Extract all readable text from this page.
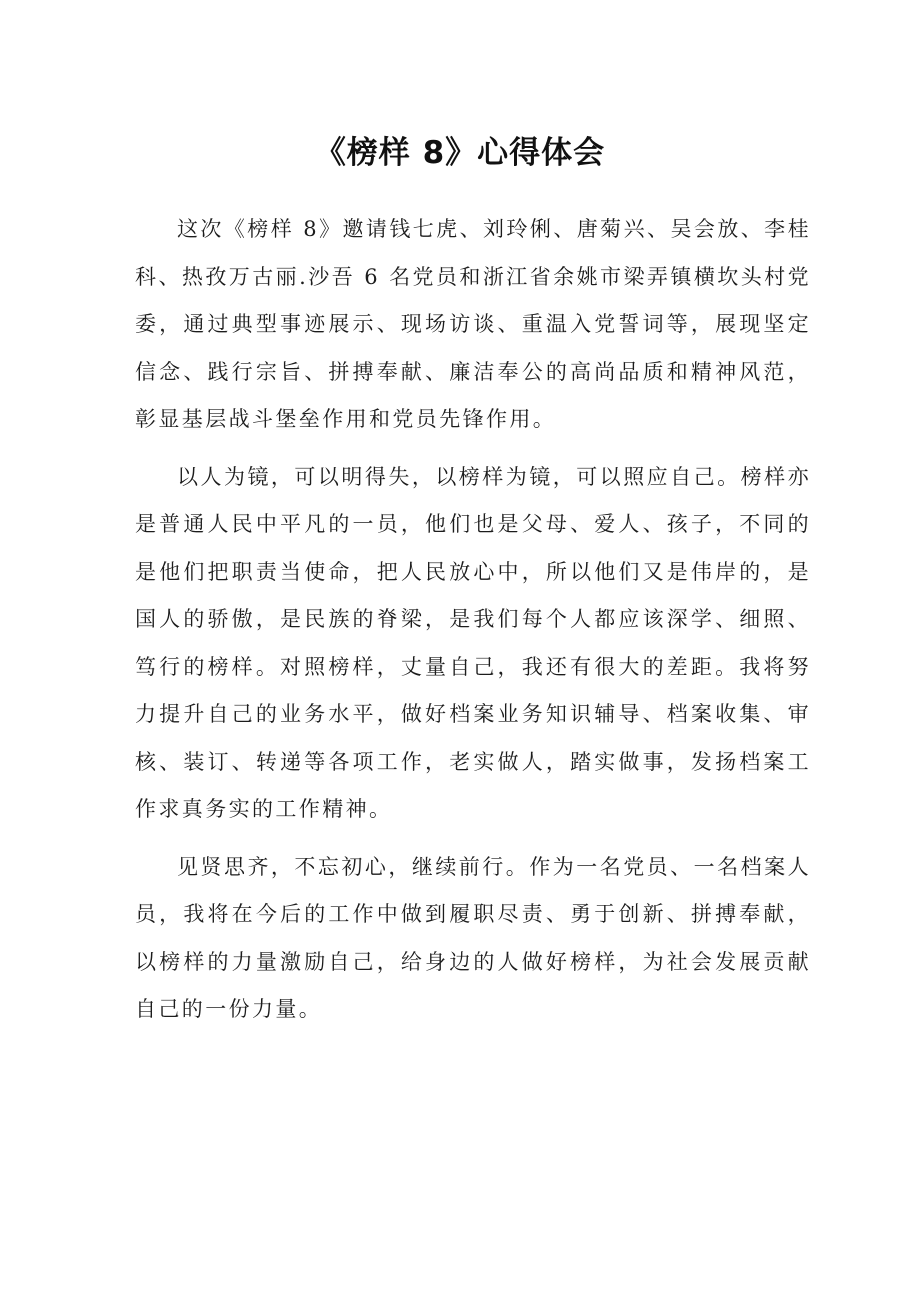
《榜样 8》心得体会

这次《榜样 8》邀请钱七虎、刘玲俐、唐菊兴、吴会放、李桂科、热孜万古丽.沙吾 6 名党员和浙江省余姚市梁弄镇横坎头村党委，通过典型事迹展示、现场访谈、重温入党誓词等，展现坚定信念、践行宗旨、拼搏奉献、廉洁奉公的高尚品质和精神风范，彰显基层战斗堡垒作用和党员先锋作用。

以人为镜，可以明得失，以榜样为镜，可以照应自己。榜样亦是普通人民中平凡的一员，他们也是父母、爱人、孩子，不同的是他们把职责当使命，把人民放心中，所以他们又是伟岸的，是国人的骄傲，是民族的脊梁，是我们每个人都应该深学、细照、笃行的榜样。对照榜样，丈量自己，我还有很大的差距。我将努力提升自己的业务水平，做好档案业务知识辅导、档案收集、审核、装订、转递等各项工作，老实做人，踏实做事，发扬档案工作求真务实的工作精神。

见贤思齐，不忘初心，继续前行。作为一名党员、一名档案人员，我将在今后的工作中做到履职尽责、勇于创新、拼搏奉献，以榜样的力量激励自己，给身边的人做好榜样，为社会发展贡献自己的一份力量。
